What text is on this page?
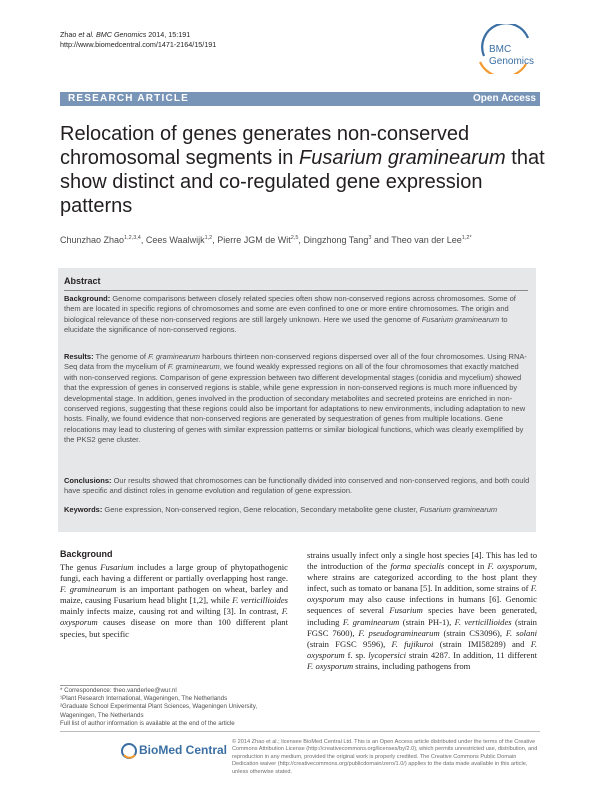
Zhao et al. BMC Genomics 2014, 15:191
http://www.biomedcentral.com/1471-2164/15/191	BMC
Genomics
RESEARCH ARTICLE	Open Access
Relocation of genes generates non-conserved chromosomal segments in Fusarium graminearum that show distinct and co-regulated gene expression patterns
Chunzhao Zhao$^{1,2,3,4}$, Cees Waalwijk$^{1,2}$, Pierre JGM de Wit$^{2,5}$, Dingzhong Tang$^3$ and Theo van der Lee$^{1,2*}$
Abstract

Background: Genome comparisons between closely related species often show non-conserved regions across chromosomes. Some of them are located in specific regions of chromosomes and some are even confined to one or more entire chromosomes. The origin and biological relevance of these non-conserved regions are still largely unknown. Here we used the genome of Fusarium graminearum to elucidate the significance of non-conserved regions.

Results: The genome of F. graminearum harbours thirteen non-conserved regions dispersed over all of the four chromosomes. Using RNA-Seq data from the mycelium of F. graminearum, we found weakly expressed regions on all of the four chromosomes that exactly matched with non-conserved regions. Comparison of gene expression between two different developmental stages (conidia and mycelium) showed that the expression of genes in conserved regions is stable, while gene expression in non-conserved regions is much more influenced by developmental stage. In addition, genes involved in the production of secondary metabolites and secreted proteins are enriched in non-conserved regions, suggesting that these regions could also be important for adaptations to new environments, including adaptation to new hosts. Finally, we found evidence that non-conserved regions are generated by sequestration of genes from multiple locations. Gene relocations may lead to clustering of genes with similar expression patterns or similar biological functions, which was clearly exemplified by the PKS2 gene cluster.

Conclusions: Our results showed that chromosomes can be functionally divided into conserved and non-conserved regions, and both could have specific and distinct roles in genome evolution and regulation of gene expression.

Keywords: Gene expression, Non-conserved region, Gene relocation, Secondary metabolite gene cluster, Fusarium graminearum

Background

The genus Fusarium includes a large group of phytopathogenic fungi, each having a different or partially overlapping host range. F. graminearum is an important pathogen on wheat, barley and maize, causing Fusarium head blight [1,2], while F. verticillioides mainly infects maize, causing rot and wilting [3]. In contrast, F. oxysporum causes disease on more than 100 different plant species, but specific

strains usually infect only a single host species [4]. This has led to the introduction of the forma specialis concept in F. oxysporum, where strains are categorized according to the host plant they infect, such as tomato or banana [5]. In addition, some strains of F. oxysporum may also cause infections in humans [6]. Genomic sequences of several Fusarium species have been generated, including F. graminearum (strain PH-1), F. verticillioides (strain FGSC 7600), F. pseudograminearum (strain CS3096), F. solani (strain FGSC 9596), F. fujikuroi (strain IMI58289) and F. oxysporum f. sp. lycopersici strain 4287. In addition, 11 different F. oxysporum strains, including pathogens from

* Correspondence: theo.vanderlee@wur.nl
¹Plant Research International, Wageningen, The Netherlands
²Graduate School Experimental Plant Sciences, Wageningen University, Wageningen, The Netherlands
Full list of author information is available at the end of the article
BioMed Central

© 2014 Zhao et al.; licensee BioMed Central Ltd. This is an Open Access article distributed under the terms of the Creative Commons Attribution License (http://creativecommons.org/licenses/by/2.0), which permits unrestricted use, distribution, and reproduction in any medium, provided the original work is properly credited. The Creative Commons Public Domain Dedication waiver (http://creativecommons.org/publicdomain/zero/1.0/) applies to the data made available in this article, unless otherwise stated.
